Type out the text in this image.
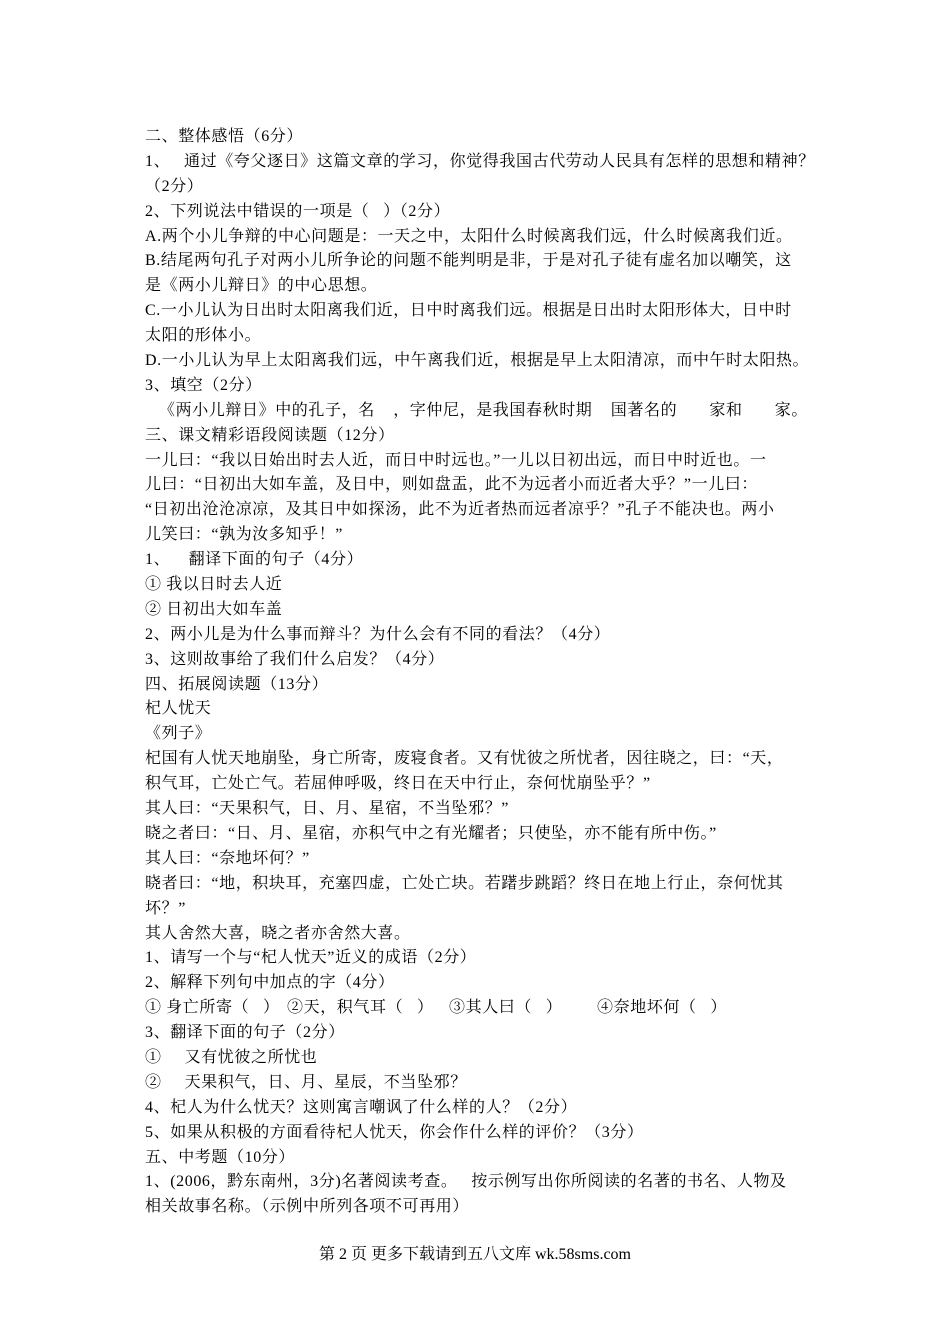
二、整体感悟（6分）
1、   通过《夸父逐日》这篇文章的学习，你觉得我国古代劳动人民具有怎样的思想和精神？
（2分）
2、下列说法中错误的一项是（   ）（2分）
A.两个小儿争辩的中心问题是：一天之中，太阳什么时候离我们远，什么时候离我们近。
B.结尾两句孔子对两小儿所争论的问题不能判明是非，于是对孔子徒有虚名加以嘲笑，这
是《两小儿辩日》的中心思想。
C.一小儿认为日出时太阳离我们近，日中时离我们远。根据是日出时太阳形体大，日中时
太阳的形体小。
D.一小儿认为早上太阳离我们远，中午离我们近，根据是早上太阳清凉，而中午时太阳热。
3、填空（2分）
《两小儿辩日》中的孔子，名    ，字仲尼，是我国春秋时期    国著名的       家和       家。
三、课文精彩语段阅读题（12分）
一儿曰：“我以日始出时去人近，而日中时远也。”一儿以日初出远，而日中时近也。一
儿曰：“日初出大如车盖，及日中，则如盘盂，此不为远者小而近者大乎？”一儿曰：
“日初出沧沧凉凉，及其日中如探汤，此不为近者热而远者凉乎？”孔子不能决也。两小
儿笑曰：“孰为汝多知乎！”
1、    翻译下面的句子（4分）
① 我以日时去人近
② 日初出大如车盖
2、两小儿是为什么事而辩斗？为什么会有不同的看法？（4分）
3、这则故事给了我们什么启发？（4分）
四、拓展阅读题（13分）
杞人忧天
《列子》
杞国有人忧天地崩坠，身亡所寄，废寝食者。又有忧彼之所忧者，因往晓之，曰：“天，
积气耳，亡处亡气。若屈伸呼吸，终日在天中行止，奈何忧崩坠乎？”
其人曰：“天果积气，日、月、星宿，不当坠邪？”
晓之者曰：“日、月、星宿，亦积气中之有光耀者；只使坠，亦不能有所中伤。”
其人曰：“奈地坏何？”
晓者曰：“地，积块耳，充塞四虚，亡处亡块。若躇步跳蹈？终日在地上行止，奈何忧其
坏？”
其人舍然大喜，晓之者亦舍然大喜。
1、请写一个与“杞人忧天”近义的成语（2分）
2、解释下列句中加点的字（4分）
① 身亡所寄（   ） ②天，积气耳（   ） ③其人曰（   ） ④奈地坏何（   ）
3、翻译下面的句子（2分）
①     又有忧彼之所忧也
②     天果积气，日、月、星辰，不当坠邪？
4、杞人为什么忧天？这则寓言嘲讽了什么样的人？（2分）
5、如果从积极的方面看待杞人忧天，你会作什么样的评价？（3分）
五、中考题（10分）
1、(2006，黔东南州，3分)名著阅读考查。   按示例写出你所阅读的名著的书名、人物及
相关故事名称。（示例中所列各项不可再用）
第 2 页 更多下载请到五八文库 wk.58sms.com
